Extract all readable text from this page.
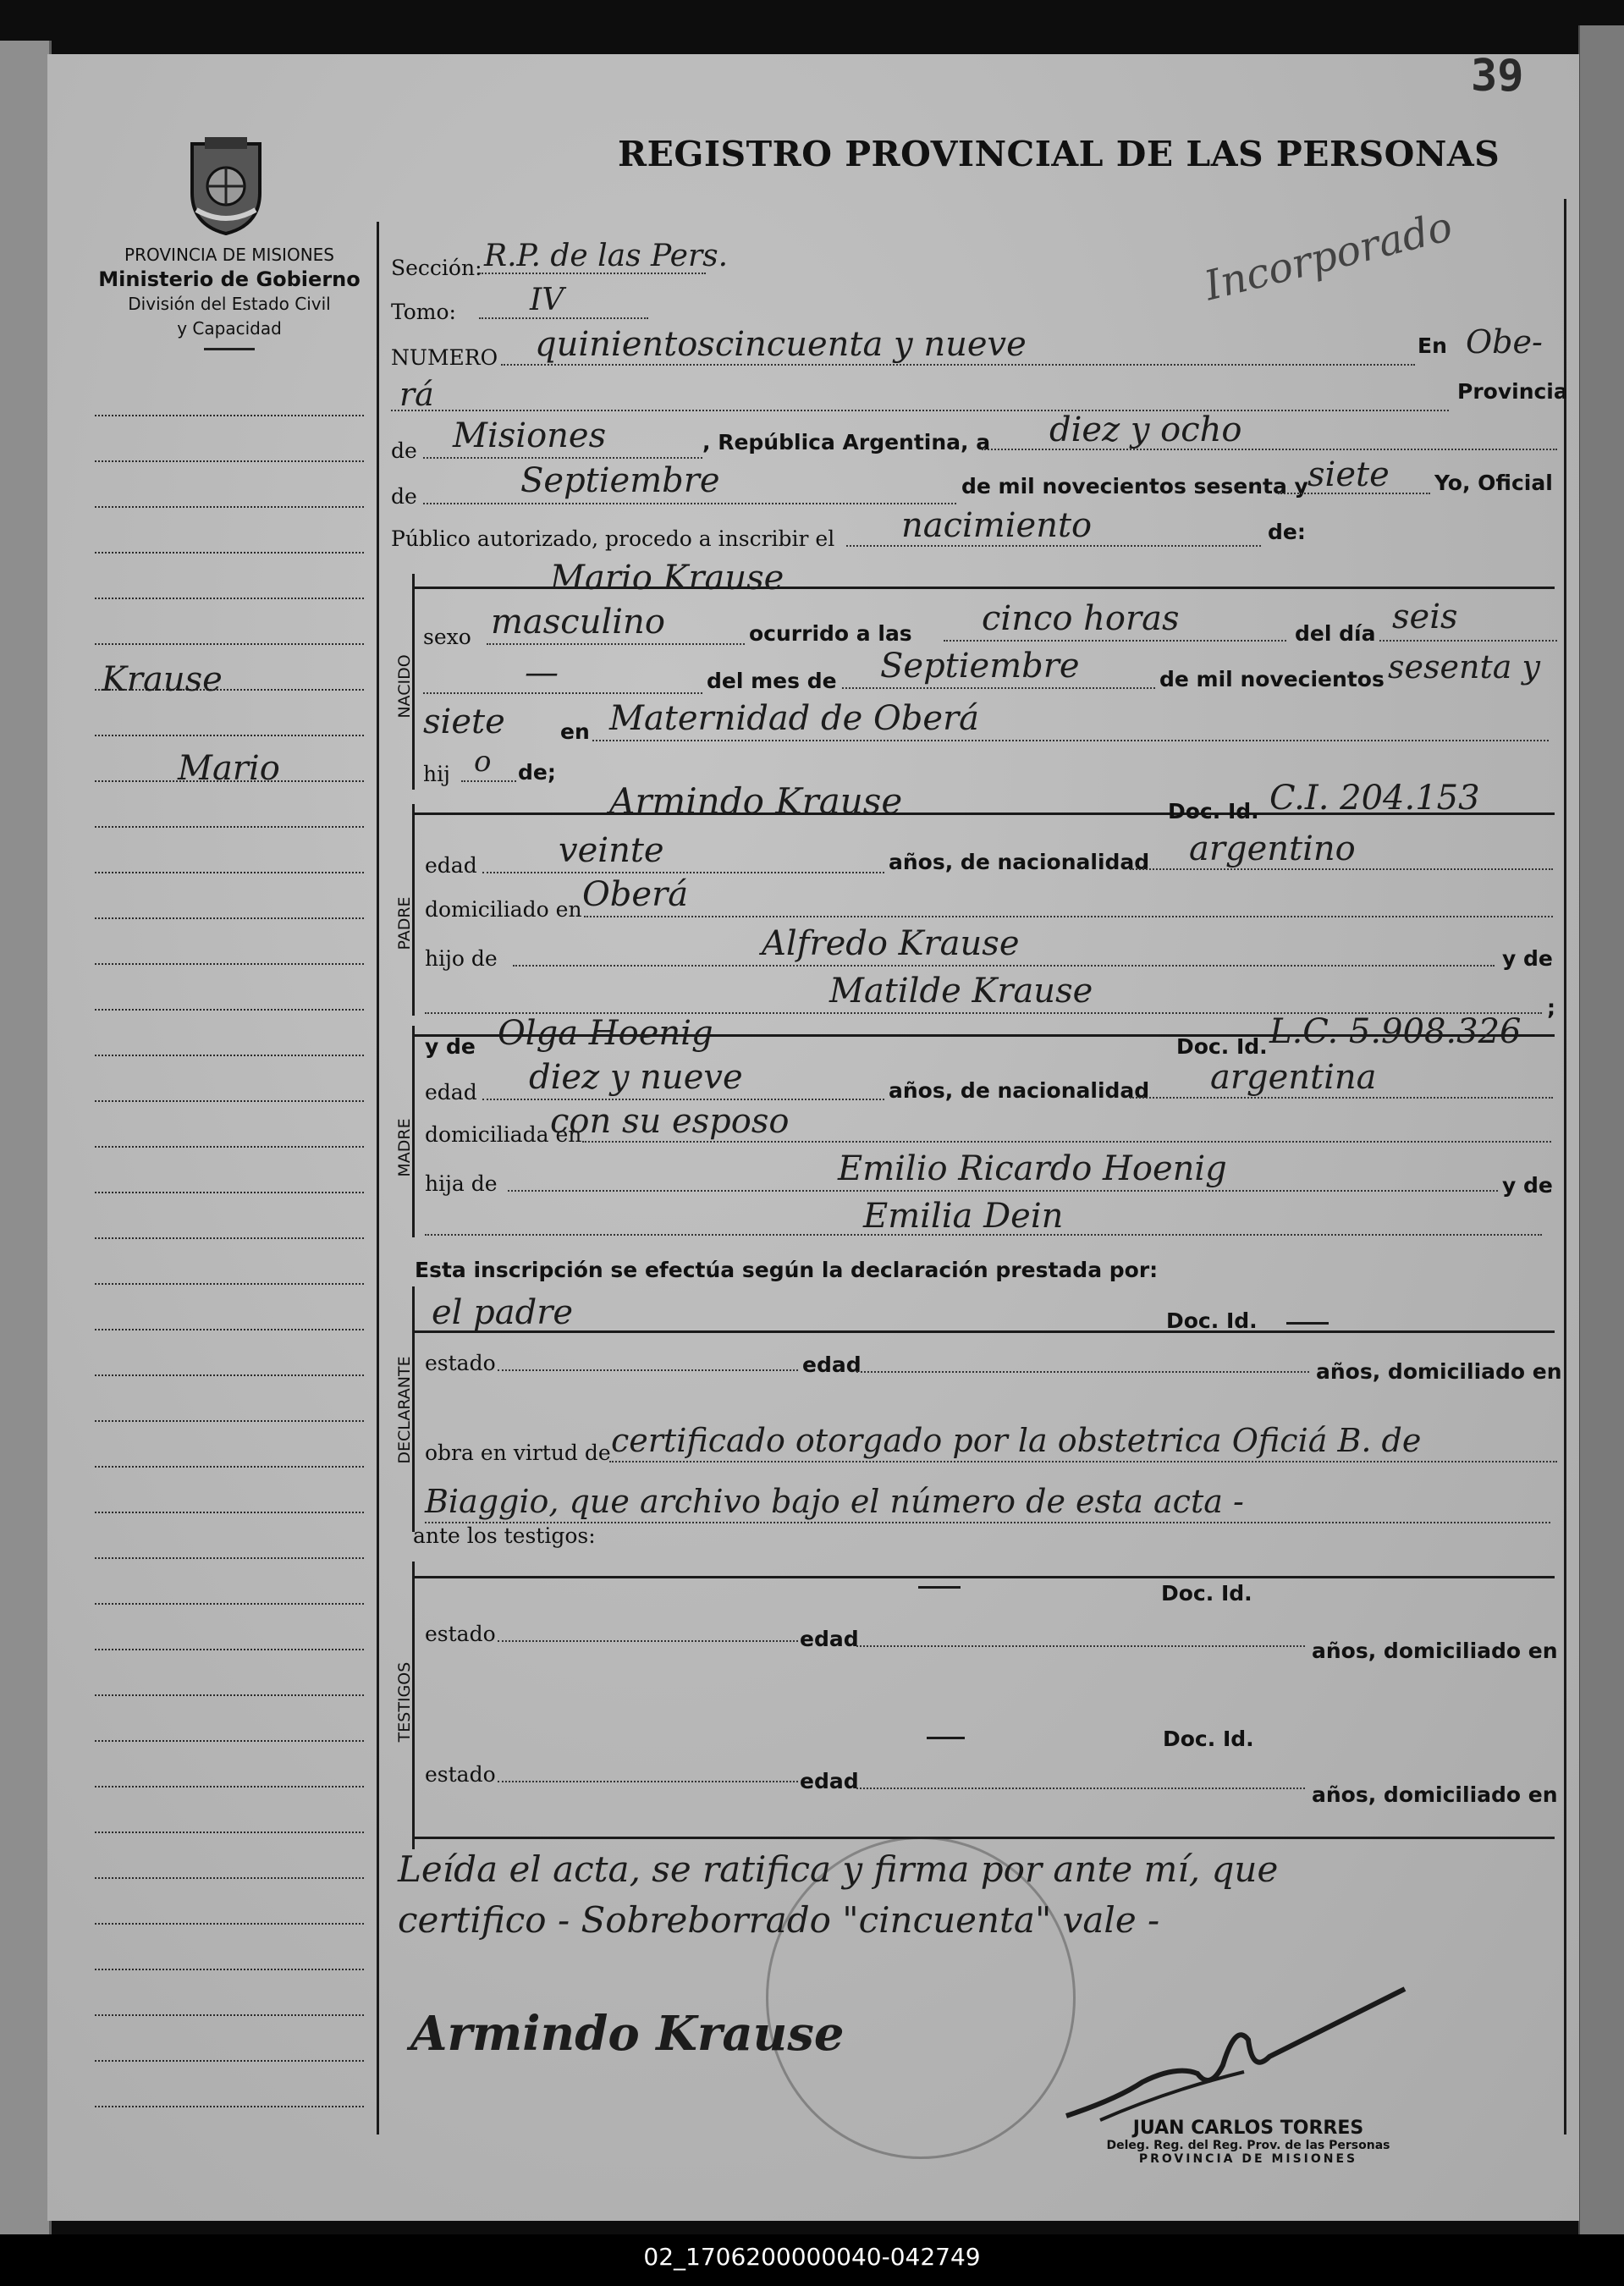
39
REGISTRO PROVINCIAL DE LAS PERSONAS
PROVINCIA DE MISIONES
Ministerio de Gobierno
División del Estado Civil
y Capacidad
Krause
Mario
Incorporado
Sección: R.P. de las Pers.
Tomo: IV
NUMERO quinientoscincuenta y nueve	En Obe-
rá	Provincia
de Misiones	, República Argentina, a diez y ocho
de	Septiembre	de mil novecientos sesenta y siete Yo, Oficial
Público autorizado, procedo a inscribir el nacimiento	de:
NACIDO
Mario Krause
sexo masculino	ocurrido a las cinco horas	del día seis
—	del mes de Septiembre	de mil novecientos sesenta y
siete	en Maternidad de Oberá
hij o de;
PADRE
Armindo Krause	Doc. Id. C.I. 204.153
edad veinte	años, de nacionalidad argentino
domiciliado en Oberá
hijo de	Alfredo Krause	y de
Matilde Krause	;
MADRE
y de Olga Hoenig	Doc. Id. L.C. 5.908.326
edad diez y nueve	años, de nacionalidad argentina
domiciliada en
con su esposo
hija de	Emilio Ricardo Hoenig	y de
Emilia Dein
Esta inscripción se efectúa según la declaración prestada por:
DECLARANTE
el padre	Doc. Id.
estado	edad	años, domiciliado en
obra en virtud de certificado otorgado por la obstetrica Oficiá B. de
Biaggio, que archivo bajo el número de esta acta -
ante los testigos:
TESTIGOS
Doc. Id.
estado	edad	años, domiciliado en
Doc. Id.
estado	edad
años, domiciliado en
Leída el acta, se ratifica y firma por ante mí, que
certifico - Sobreborrado "cincuenta" vale -
Armindo Krause
JUAN CARLOS TORRES
Deleg. Reg. del Reg. Prov. de las Personas
PROVINCIA DE MISIONES
02_1706200000040-042749
